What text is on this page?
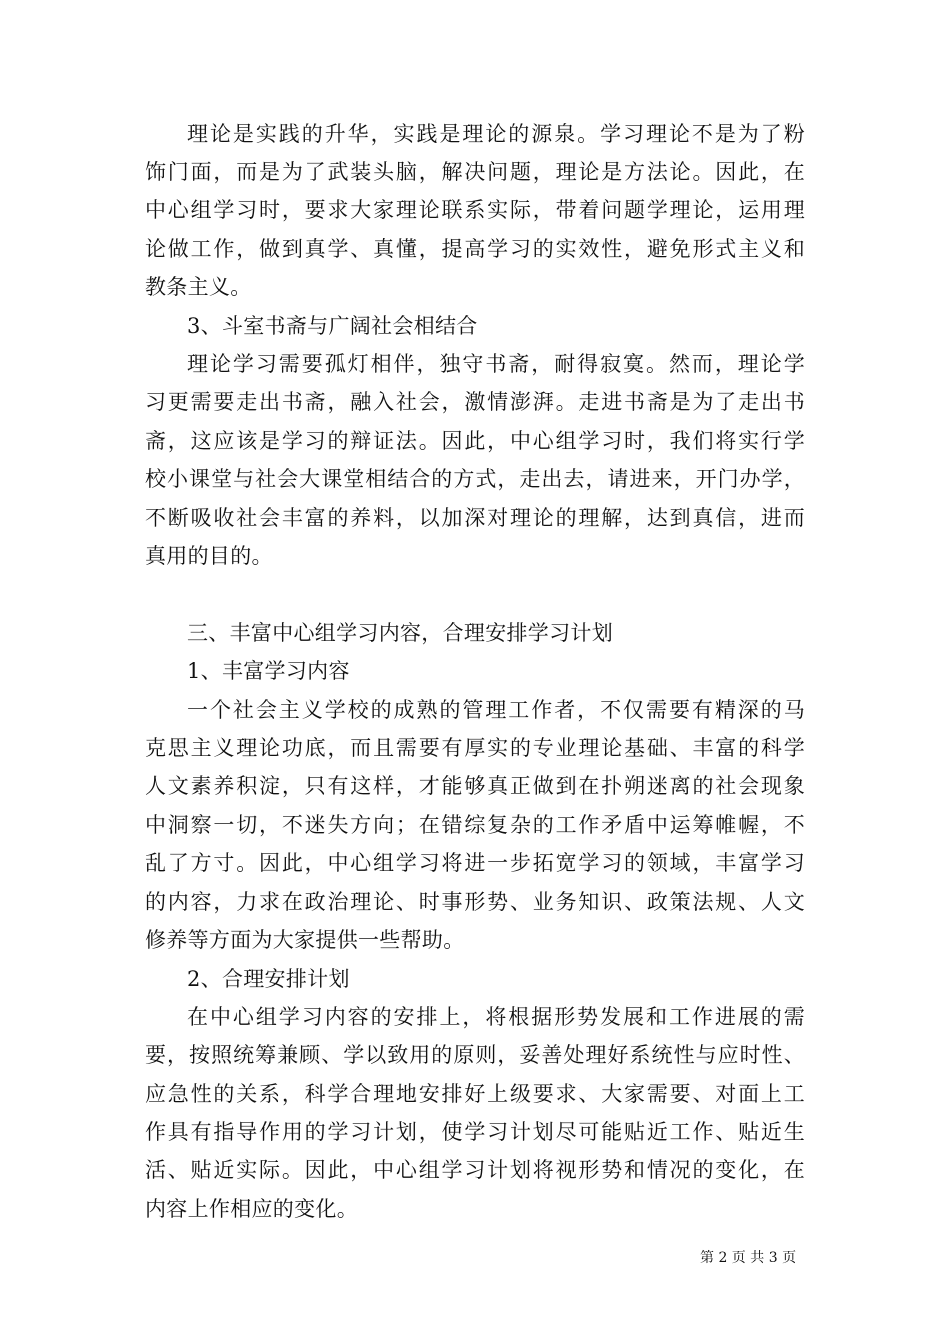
理论是实践的升华，实践是理论的源泉。学习理论不是为了粉
饰门面，而是为了武装头脑，解决问题，理论是方法论。因此，在
中心组学习时，要求大家理论联系实际，带着问题学理论，运用理
论做工作，做到真学、真懂，提高学习的实效性，避免形式主义和
教条主义。
3、斗室书斋与广阔社会相结合
理论学习需要孤灯相伴，独守书斋，耐得寂寞。然而，理论学
习更需要走出书斋，融入社会，激情澎湃。走进书斋是为了走出书
斋，这应该是学习的辩证法。因此，中心组学习时，我们将实行学
校小课堂与社会大课堂相结合的方式，走出去，请进来，开门办学，
不断吸收社会丰富的养料，以加深对理论的理解，达到真信，进而
真用的目的。
三、丰富中心组学习内容，合理安排学习计划
1、丰富学习内容
一个社会主义学校的成熟的管理工作者，不仅需要有精深的马
克思主义理论功底，而且需要有厚实的专业理论基础、丰富的科学
人文素养积淀，只有这样，才能够真正做到在扑朔迷离的社会现象
中洞察一切，不迷失方向；在错综复杂的工作矛盾中运筹帷幄，不
乱了方寸。因此，中心组学习将进一步拓宽学习的领域，丰富学习
的内容，力求在政治理论、时事形势、业务知识、政策法规、人文
修养等方面为大家提供一些帮助。
2、合理安排计划
在中心组学习内容的安排上，将根据形势发展和工作进展的需
要，按照统筹兼顾、学以致用的原则，妥善处理好系统性与应时性、
应急性的关系，科学合理地安排好上级要求、大家需要、对面上工
作具有指导作用的学习计划，使学习计划尽可能贴近工作、贴近生
活、贴近实际。因此，中心组学习计划将视形势和情况的变化，在
内容上作相应的变化。
第 2 页 共 3 页
